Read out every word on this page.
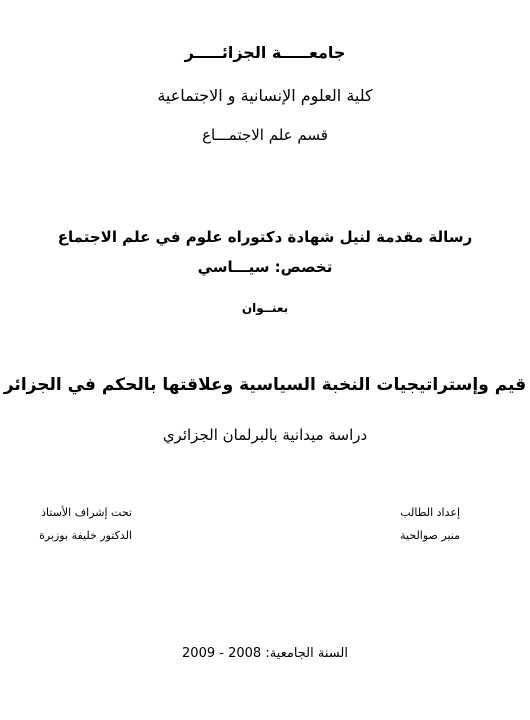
جامعـــــة الجزائـــــر
كلية العلوم الإنسانية و الاجتماعية
قسم علم الاجتمـــاع
رسالة مقدمة لنيل شهادة دكتوراه علوم في علم الاجتماع
تخصص: سيـــاسي
بعنــوان
قيم وإستراتيجيات النخبة السياسية وعلاقتها بالحكم في الجزائر
دراسة ميدانية بالبرلمان الجزائري
إعداد الطالب
منير صوالحية
تحت إشراف الأستاذ
الدكتور خليفة بوزبرة
السنة الجامعية: 2008 - 2009
